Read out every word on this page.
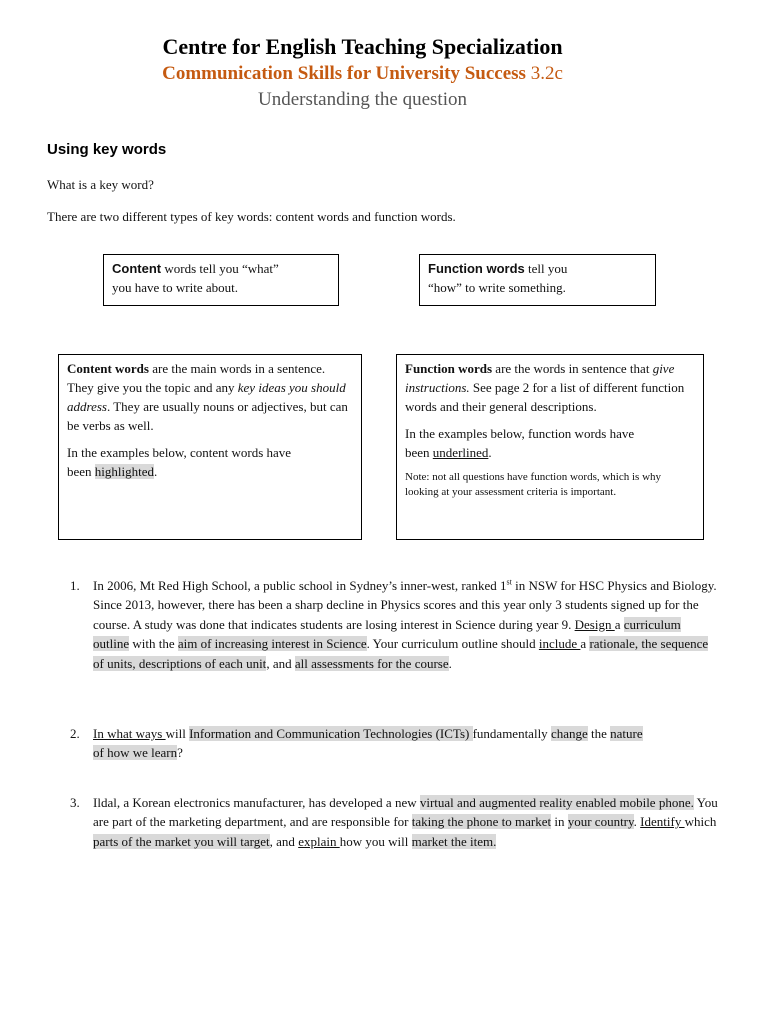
Centre for English Teaching Specialization
Communication Skills for University Success 3.2c
Understanding the question
Using key words
What is a key word?
There are two different types of key words: content words and function words.
Content words tell you “what”
you have to write about.
Function words tell you
“how” to write something.

Content words are the main words in a sentence. They give you the topic and any key ideas you should address. They are usually nouns or adjectives, but can be verbs as well.

In the examples below, content words have been highlighted.

Function words are the words in sentence that give instructions. See page 2 for a list of different function words and their general descriptions.

In the examples below, function words have been underlined.

Note: not all questions have function words, which is why looking at your assessment criteria is important.

1. In 2006, Mt Red High School, a public school in Sydney’s inner-west, ranked 1st in NSW for HSC Physics and Biology. Since 2013, however, there has been a sharp decline in Physics scores and this year only 3 students signed up for the course. A study was done that indicates students are losing interest in Science during year 9. Design a curriculum outline with the aim of increasing interest in Science. Your curriculum outline should include a rationale, the sequence of units, descriptions of each unit, and all assessments for the course.
2. In what ways will Information and Communication Technologies (ICTs) fundamentally change the nature of how we learn?
3. Ildal, a Korean electronics manufacturer, has developed a new virtual and augmented reality enabled mobile phone. You are part of the marketing department, and are responsible for taking the phone to market in your country. Identify which parts of the market you will target, and explain how you will market the item.
